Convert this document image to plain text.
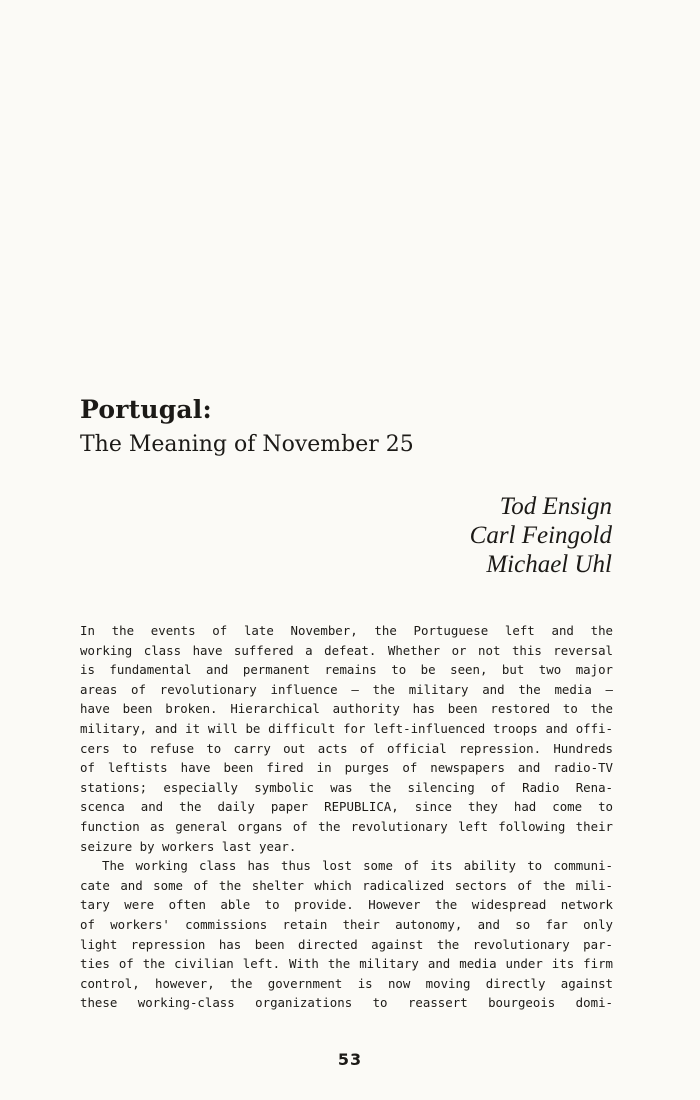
Portugal:
The Meaning of November 25
Tod Ensign
Carl Feingold
Michael Uhl
In the events of late November, the Portuguese left and the
working class have suffered a defeat. Whether or not this reversal
is fundamental and permanent remains to be seen, but two major
areas of revolutionary influence — the military and the media —
have been broken. Hierarchical authority has been restored to the
military, and it will be difficult for left-influenced troops and offi-
cers to refuse to carry out acts of official repression. Hundreds
of leftists have been fired in purges of newspapers and radio-TV
stations; especially symbolic was the silencing of Radio Rena-
scenca and the daily paper REPUBLICA, since they had come to
function as general organs of the revolutionary left following their
seizure by workers last year.
The working class has thus lost some of its ability to communi-
cate and some of the shelter which radicalized sectors of the mili-
tary were often able to provide. However the widespread network
of workers' commissions retain their autonomy, and so far only
light repression has been directed against the revolutionary par-
ties of the civilian left. With the military and media under its firm
control, however, the government is now moving directly against
these working-class organizations to reassert bourgeois domi-
53
